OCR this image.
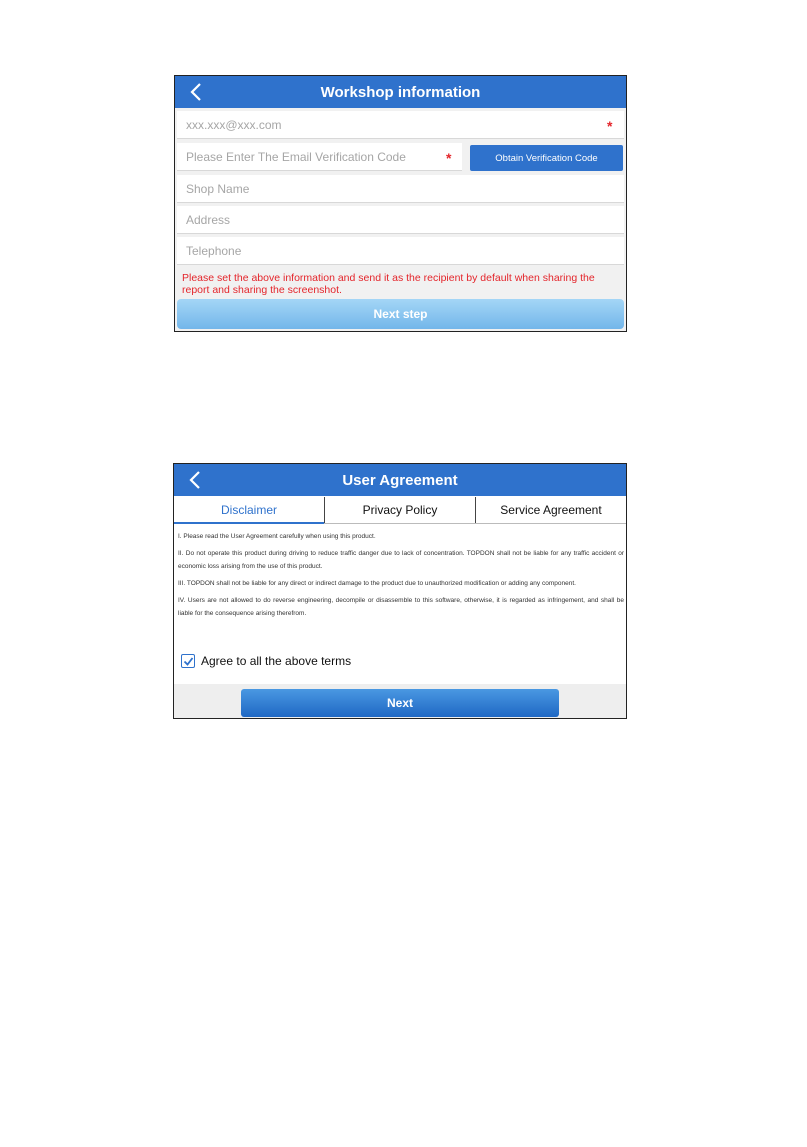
Workshop information
xxx.xxx@xxx.com	*
Please Enter The Email Verification Code	*	Obtain Verification Code
Shop Name
Address
Telephone
Please set the above information and send it as the recipient by default when sharing the report and sharing the screenshot.
Next step
User Agreement
Disclaimer	Privacy Policy	Service Agreement

I. Please read the User Agreement carefully when using this product.

II. Do not operate this product during driving to reduce traffic danger due to lack of concentration. TOPDON shall not be liable for any traffic accident or economic loss arising from the use of this product.

III. TOPDON shall not be liable for any direct or indirect damage to the product due to unauthorized modification or adding any component.

IV. Users are not allowed to do reverse engineering, decompile or disassemble to this software, otherwise, it is regarded as infringement, and shall be liable for the consequence arising therefrom.

Agree to all the above terms
Next
